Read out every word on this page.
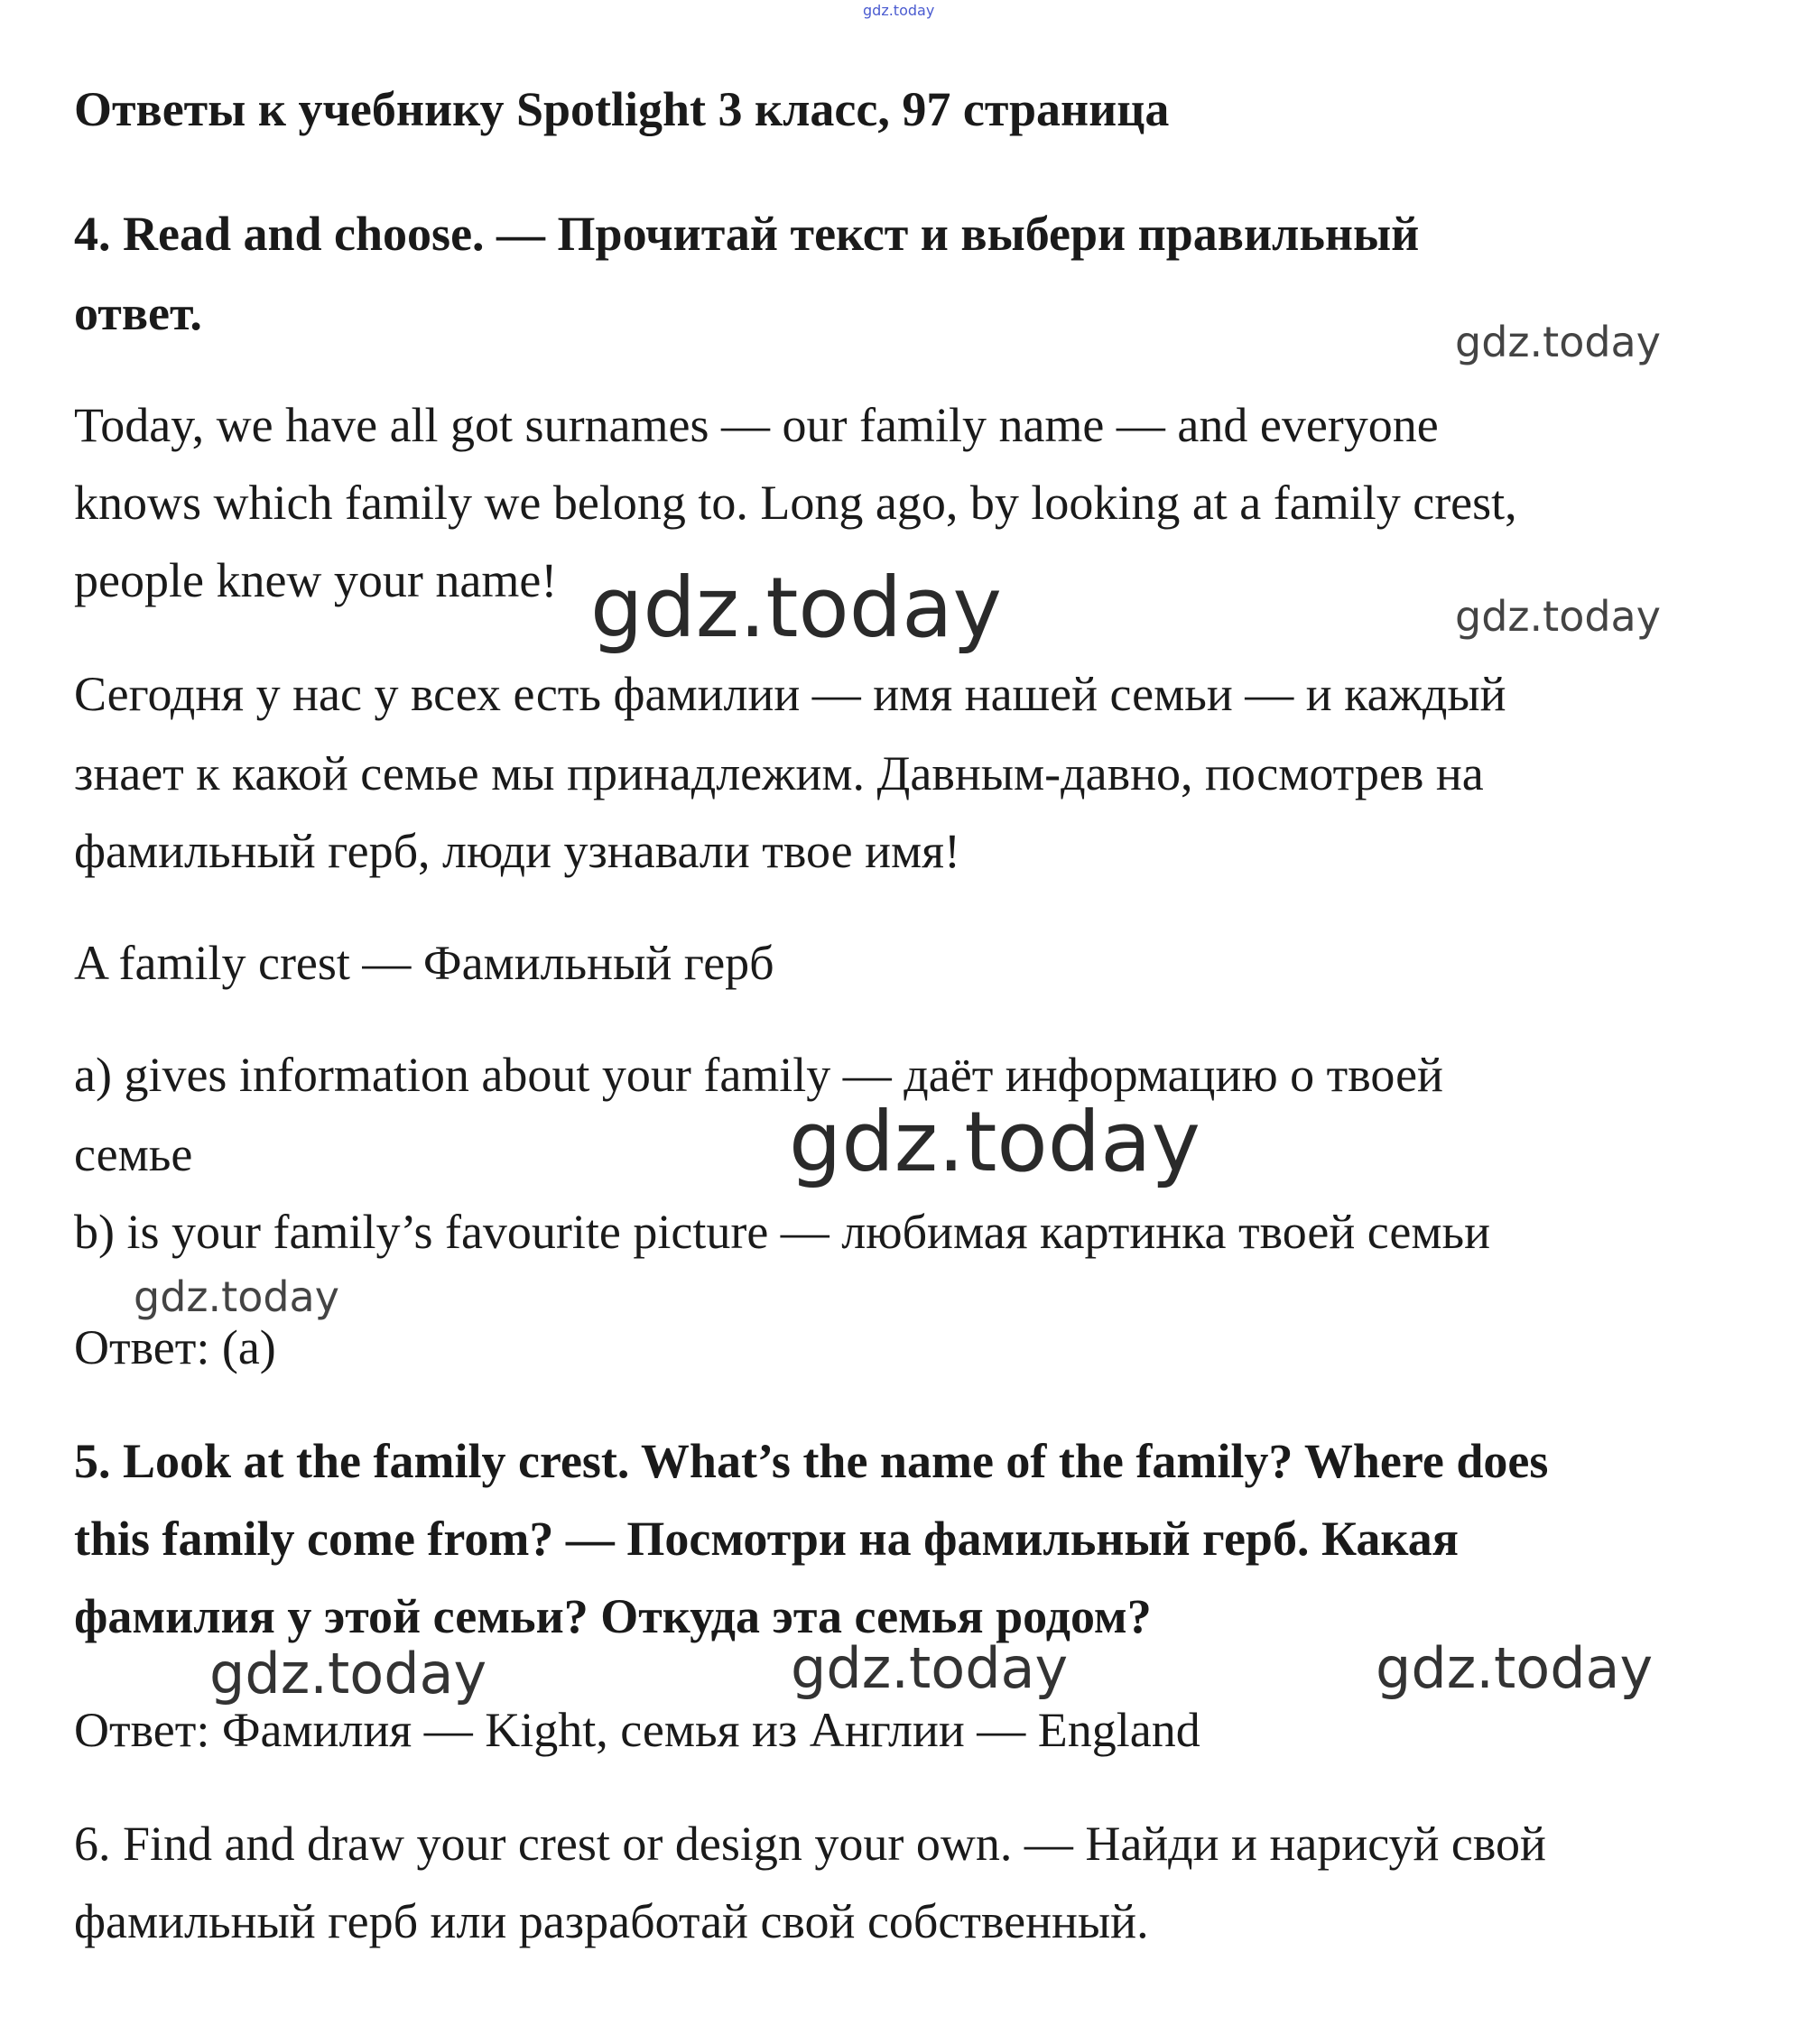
gdz.today
Ответы к учебнику Spotlight 3 класс, 97 страница
4. Read and choose. — Прочитай текст и выбери правильный
ответ.
gdz.today
Today, we have all got surnames — our family name — and everyone
knows which family we belong to. Long ago, by looking at a family crest,
people knew your name! gdz.today	gdz.today
Сегодня у нас у всех есть фамилии — имя нашей семьи — и каждый
знает к какой семье мы принадлежим. Давным-давно, посмотрев на
фамильный герб, люди узнавали твое имя!
A family crest — Фамильный герб
a) gives information about your family — даёт информацию о твоей
семье	gdz.today
b) is your family’s favourite picture — любимая картинка твоей семьи
gdz.today
Ответ: (a)
5. Look at the family crest. What’s the name of the family? Where does
this family come from? — Посмотри на фамильный герб. Какая
фамилия у этой семьи? Откуда эта семья родом?
gdz.today	gdz.today	gdz.today
Ответ: Фамилия — Kight, семья из Англии — England
6. Find and draw your crest or design your own. — Найди и нарисуй свой
фамильный герб или разработай свой собственный.
